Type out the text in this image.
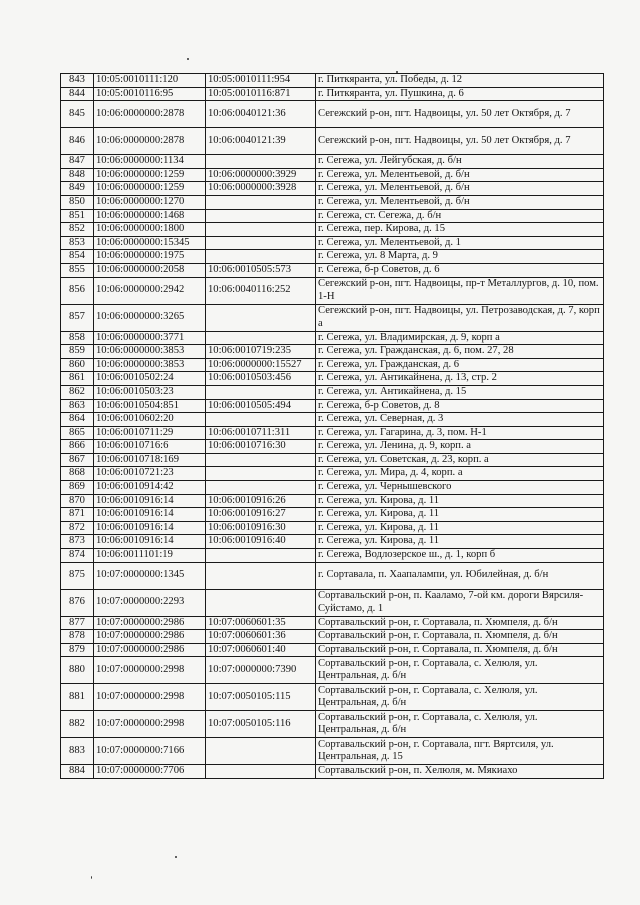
843	10:05:0010111:120	10:05:0010111:954	г. Питкяранта, ул. Победы, д. 12
844	10:05:0010116:95	10:05:0010116:871	г. Питкяранта, ул. Пушкина, д. 6
845	10:06:0000000:2878	10:06:0040121:36	Сегежский р-он, пгт. Надвоицы, ул. 50 лет Октября, д. 7
846	10:06:0000000:2878	10:06:0040121:39	Сегежский р-он, пгт. Надвоицы, ул. 50 лет Октября, д. 7
847	10:06:0000000:1134		г. Сегежа, ул. Лейгубская, д. б/н
848	10:06:0000000:1259	10:06:0000000:3929	г. Сегежа, ул. Мелентьевой, д. б/н
849	10:06:0000000:1259	10:06:0000000:3928	г. Сегежа, ул. Мелентьевой, д. б/н
850	10:06:0000000:1270		г. Сегежа, ул. Мелентьевой, д. б/н
851	10:06:0000000:1468		г. Сегежа, ст. Сегежа, д. б/н
852	10:06:0000000:1800		г. Сегежа, пер. Кирова, д. 15
853	10:06:0000000:15345		г. Сегежа, ул. Мелентьевой, д. 1
854	10:06:0000000:1975		г. Сегежа, ул. 8 Марта, д. 9
855	10:06:0000000:2058	10:06:0010505:573	г. Сегежа, б-р Советов, д. 6
856	10:06:0000000:2942	10:06:0040116:252	Сегежский р-он, пгт. Надвоицы, пр-т Металлургов, д. 10, пом. 1-Н
857	10:06:0000000:3265		Сегежский р-он, пгт. Надвоицы, ул. Петрозаводская, д. 7, корп а
858	10:06:0000000:3771		г. Сегежа, ул. Владимирская, д. 9, корп а
859	10:06:0000000:3853	10:06:0010719:235	г. Сегежа, ул. Гражданская, д. 6, пом. 27, 28
860	10:06:0000000:3853	10:06:0000000:15527	г. Сегежа, ул. Гражданская, д. 6
861	10:06:0010502:24	10:06:0010503:456	г. Сегежа, ул. Антикайнена, д. 13, стр. 2
862	10:06:0010503:23		г. Сегежа, ул. Антикайнена, д. 15
863	10:06:0010504:851	10:06:0010505:494	г. Сегежа, б-р Советов, д. 8
864	10:06:0010602:20		г. Сегежа, ул. Северная, д. 3
865	10:06:0010711:29	10:06:0010711:311	г. Сегежа, ул. Гагарина, д. 3, пом. Н-1
866	10:06:0010716:6	10:06:0010716:30	г. Сегежа, ул. Ленина, д. 9, корп. а
867	10:06:0010718:169		г. Сегежа, ул. Советская, д. 23, корп. а
868	10:06:0010721:23		г. Сегежа, ул. Мира, д. 4, корп. а
869	10:06:0010914:42		г. Сегежа, ул. Чернышевского
870	10:06:0010916:14	10:06:0010916:26	г. Сегежа, ул. Кирова, д. 11
871	10:06:0010916:14	10:06:0010916:27	г. Сегежа, ул. Кирова, д. 11
872	10:06:0010916:14	10:06:0010916:30	г. Сегежа, ул. Кирова, д. 11
873	10:06:0010916:14	10:06:0010916:40	г. Сегежа, ул. Кирова, д. 11
874	10:06:0011101:19		г. Сегежа, Водлозерское ш., д. 1, корп б
875	10:07:0000000:1345		г. Сортавала, п. Хаапалампи, ул. Юбилейная, д. б/н
876	10:07:0000000:2293		Сортавальский р-он, п. Кааламо, 7-ой км. дороги Вярсиля-Суйстамо, д. 1
877	10:07:0000000:2986	10:07:0060601:35	Сортавальский р-он, г. Сортавала, п. Хюмпеля, д. б/н
878	10:07:0000000:2986	10:07:0060601:36	Сортавальский р-он, г. Сортавала, п. Хюмпеля, д. б/н
879	10:07:0000000:2986	10:07:0060601:40	Сортавальский р-он, г. Сортавала, п. Хюмпеля, д. б/н
880	10:07:0000000:2998	10:07:0000000:7390	Сортавальский р-он, г. Сортавала, с. Хелюля, ул. Центральная, д. б/н
881	10:07:0000000:2998	10:07:0050105:115	Сортавальский р-он, г. Сортавала, с. Хелюля, ул. Центральная, д. б/н
882	10:07:0000000:2998	10:07:0050105:116	Сортавальский р-он, г. Сортавала, с. Хелюля, ул. Центральная, д. б/н
883	10:07:0000000:7166		Сортавальский р-он, г. Сортавала, пгт. Вяртсиля, ул. Центральная, д. 15
884	10:07:0000000:7706		Сортавальский р-он, п. Хелюля, м. Мякиахо
